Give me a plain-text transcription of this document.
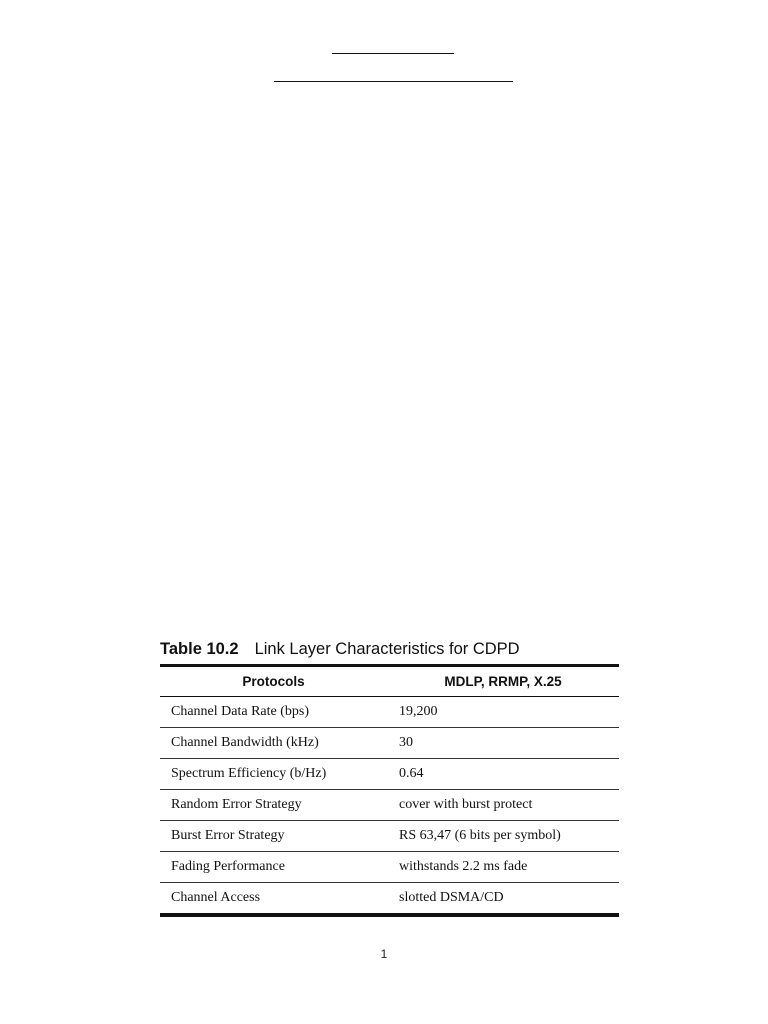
Table 10.2 Link Layer Characteristics for CDPD
Protocols	MDLP, RRMP, X.25
Channel Data Rate (bps)	19,200
Channel Bandwidth (kHz)	30
Spectrum Efficiency (b/Hz)	0.64
Random Error Strategy	cover with burst protect
Burst Error Strategy	RS 63,47 (6 bits per symbol)
Fading Performance	withstands 2.2 ms fade
Channel Access	slotted DSMA/CD
1
